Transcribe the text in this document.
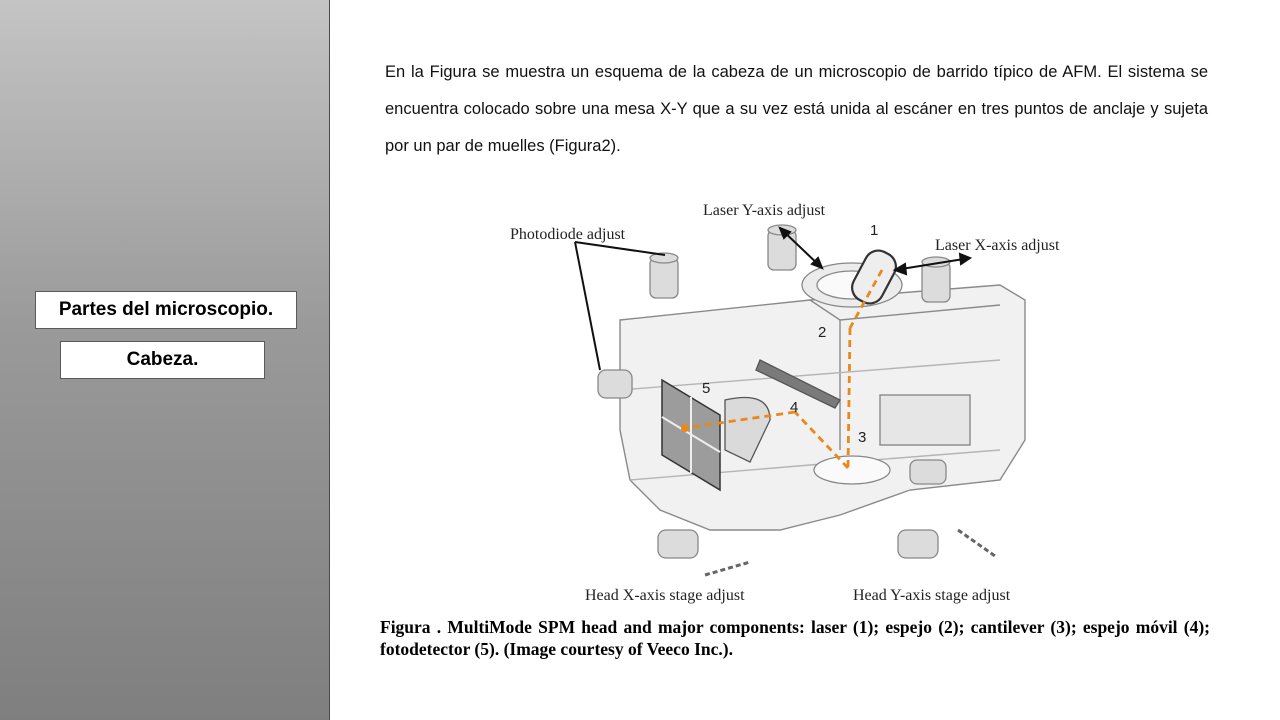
Partes del microscopio.
Cabeza.
En la Figura se muestra un esquema de la cabeza de un microscopio de barrido típico de AFM. El sistema se encuentra colocado sobre una mesa X-Y que a su vez está unida al escáner en tres puntos de anclaje y sujeta por un par de muelles (Figura2).
Photodiode adjust
Laser Y-axis adjust
Laser X-axis adjust
Head X-axis stage adjust	Head Y-axis stage adjust
1
2
3
4
5
Figura . MultiMode SPM head and major components: laser (1); espejo (2); cantilever (3); espejo móvil (4); fotodetector (5). (Image courtesy of Veeco Inc.).
